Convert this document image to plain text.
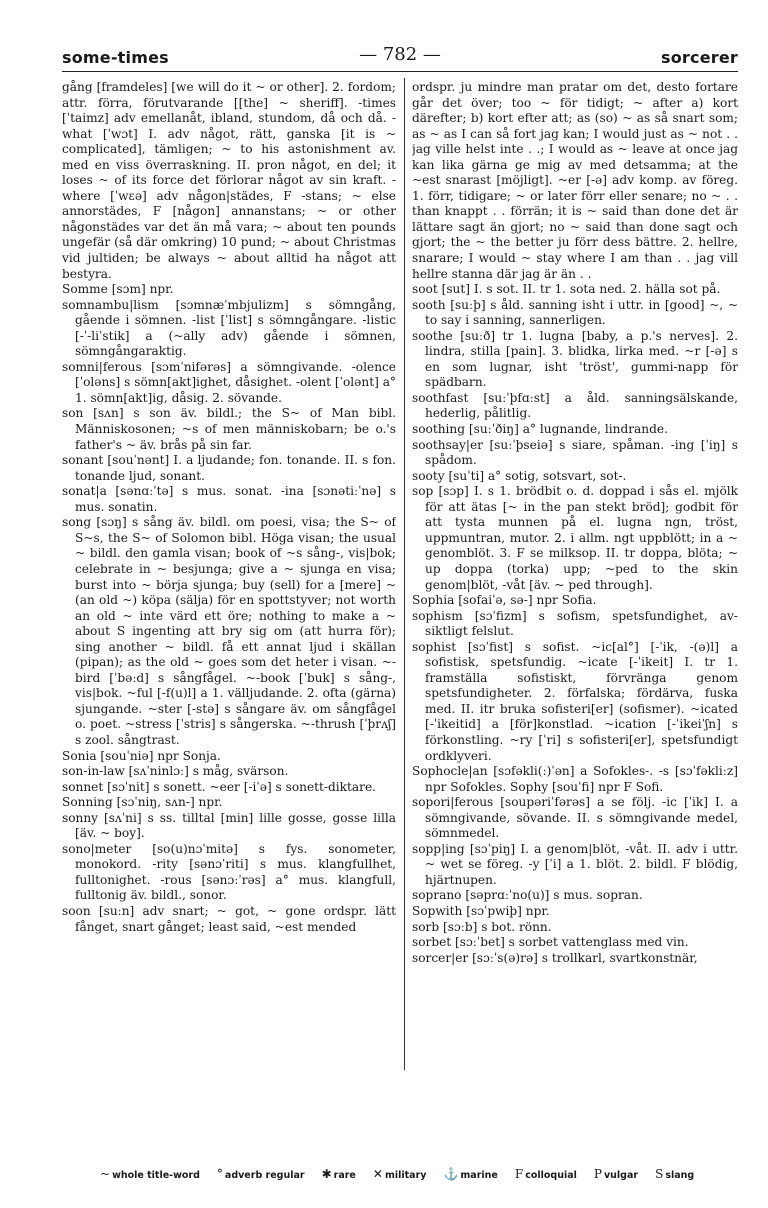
some-times	— 782 —	sorcerer

gång [framdeles] [we will do it ~ or other]. 2. fordom; attr. förra, förutvarande [[the] ~ sheriff]. -times [ˈtaimz] adv emellanåt, ibland, stundom, då och då. -what [ˈwɔt] I. adv något, rätt, ganska [it is ~ complicated], tämligen; ~ to his astonishment av. med en viss överraskning. II. pron något, en del; it loses ~ of its force det förlorar något av sin kraft. -where [ˈwεə] adv någon|städes, F -stans; ~ else annorstädes, F [någon] annanstans; ~ or other någonstädes var det än må vara; ~ about ten pounds ungefär (så där omkring) 10 pund; ~ about Christmas vid jultiden; be always ~ about alltid ha något att bestyra.

Somme [sɔm] npr.

somnambu|lism [sɔmnæˈmbjulizm] s sömngång, gående i sömnen. -list [ˈlist] s sömngångare. -listic [-ˈ-liˈstik] a (~ally adv) gående i sömnen, sömngångaraktig.

somni|ferous [sɔmˈnifərəs] a sömngivande. -olence [ˈoləns] s sömn[akt]ighet, dåsighet. -olent [ˈolənt] a° 1. sömn[akt]ig, dåsig. 2. sövande.

son [sʌn] s son äv. bildl.; the S~ of Man bibl. Människosonen; ~s of men människobarn; be o.'s father's ~ äv. brås på sin far.

sonant [souˈnənt] I. a ljudande; fon. tonande. II. s fon. tonande ljud, sonant.

sonat|a [sənɑːˈtə] s mus. sonat. -ina [sɔnətiːˈnə] s mus. sonatin.

song [sɔŋ] s sång äv. bildl. om poesi, visa; the S~ of S~s, the S~ of Solomon bibl. Höga visan; the usual ~ bildl. den gamla visan; book of ~s sång-, vis|bok; celebrate in ~ besjunga; give a ~ sjunga en visa; burst into ~ börja sjunga; buy (sell) for a [mere] ~ (an old ~) köpa (sälja) för en spottstyver; not worth an old ~ inte värd ett öre; nothing to make a ~ about S ingenting att bry sig om (att hurra för); sing another ~ bildl. få ett annat ljud i skällan (pipan); as the old ~ goes som det heter i visan. ~-bird [ˈbəːd] s sångfågel. ~-book [ˈbuk] s sång-, vis|bok. ~ful [-f(u)l] a 1. välljudande. 2. ofta (gärna) sjungande. ~ster [-stə] s sångare äv. om sångfågel o. poet. ~stress [ˈstris] s sångerska. ~-thrush [ˈþrʌʃ] s zool. sångtrast.

Sonia [souˈniə] npr Sonja.

son-in-law [sʌˈninlɔː] s måg, svärson.

sonnet [sɔˈnit] s sonett. ~eer [-iˈə] s sonett-diktare.

Sonning [sɔˈniŋ, sʌn-] npr.

sonny [sʌˈni] s ss. tilltal [min] lille gosse, gosse lilla [äv. ~ boy].

sono|meter [so(u)nɔˈmitə] s fys. sonometer, monokord. -rity [sənɔˈriti] s mus. klangfullhet, fulltonighet. -rous [sənɔːˈrəs] a° mus. klangfull, fulltonig äv. bildl., sonor.

soon [suːn] adv snart; ~ got, ~ gone ordspr. lätt fånget, snart gånget; least said, ~est mended

ordspr. ju mindre man pratar om det, desto fortare går det över; too ~ för tidigt; ~ after a) kort därefter; b) kort efter att; as (so) ~ as så snart som; as ~ as I can så fort jag kan; I would just as ~ not . . jag ville helst inte . .; I would as ~ leave at once jag kan lika gärna ge mig av med detsamma; at the ~est snarast [möjligt]. ~er [-ə] adv komp. av föreg. 1. förr, tidigare; ~ or later förr eller senare; no ~ . . than knappt . . förrän; it is ~ said than done det är lättare sagt än gjort; no ~ said than done sagt och gjort; the ~ the better ju förr dess bättre. 2. hellre, snarare; I would ~ stay where I am than . . jag vill hellre stanna där jag är än . .

soot [sut] I. s sot. II. tr 1. sota ned. 2. hälla sot på.

sooth [suːþ] s åld. sanning isht i uttr. in [good] ~, ~ to say i sanning, sannerligen.

soothe [suːð] tr 1. lugna [baby, a p.'s nerves]. 2. lindra, stilla [pain]. 3. blidka, lirka med. ~r [-ə] s en som lugnar, isht 'tröst', gummi-napp för spädbarn.

soothfast [suːˈþfɑːst] a åld. sanningsälskande, hederlig, pålitlig.

soothing [suːˈðiŋ] a° lugnande, lindrande.

soothsay|er [suːˈþseiə] s siare, spåman. -ing [ˈiŋ] s spådom.

sooty [suˈti] a° sotig, sotsvart, sot-.

sop [sɔp] I. s 1. brödbit o. d. doppad i sås el. mjölk för att ätas [~ in the pan stekt bröd]; godbit för att tysta munnen på el. lugna ngn, tröst, uppmuntran, mutor. 2. i allm. ngt uppblött; in a ~ genomblöt. 3. F se milksop. II. tr doppa, blöta; ~ up doppa (torka) upp; ~ped to the skin genom|blöt, -våt [äv. ~ ped through].

Sophia [sofaiˈə, sə-] npr Sofia.

sophism [sɔˈfizm] s sofism, spetsfundighet, av-siktligt felslut.

sophist [sɔˈfist] s sofist. ~ic[al°] [-ˈik, -(ə)l] a sofistisk, spetsfundig. ~icate [-ˈikeit] I. tr 1. framställa sofistiskt, förvränga genom spetsfundigheter. 2. förfalska; fördärva, fuska med. II. itr bruka sofisteri[er] (sofismer). ~icated [-ˈikeitid] a [för]konstlad. ~ication [-ˈikeiˈʃn] s förkonstling. ~ry [ˈri] s sofisteri[er], spetsfundigt ordklyveri.

Sophocle|an [sɔfəkli(ː)ˈən] a Sofokles-. -s [sɔˈfəkliːz] npr Sofokles. Sophy [souˈfi] npr F Sofi.

sopori|ferous [soupəriˈfərəs] a se följ. -ic [ˈik] I. a sömngivande, sövande. II. s sömngivande medel, sömnmedel.

sopp|ing [sɔˈpiŋ] I. a genom|blöt, -våt. II. adv i uttr. ~ wet se föreg. -y [ˈi] a 1. blöt. 2. bildl. F blödig, hjärtnupen.

soprano [səprɑːˈno(u)] s mus. sopran.

Sopwith [sɔˈpwiþ] npr.

sorb [sɔːb] s bot. rönn.

sorbet [sɔːˈbet] s sorbet vattenglass med vin.

sorcer|er [sɔːˈs(ə)rə] s trollkarl, svartkonstnär,

~ whole title-word ° adverb regular ✱ rare ✕ military ⚓ marine F colloquial P vulgar S slang
